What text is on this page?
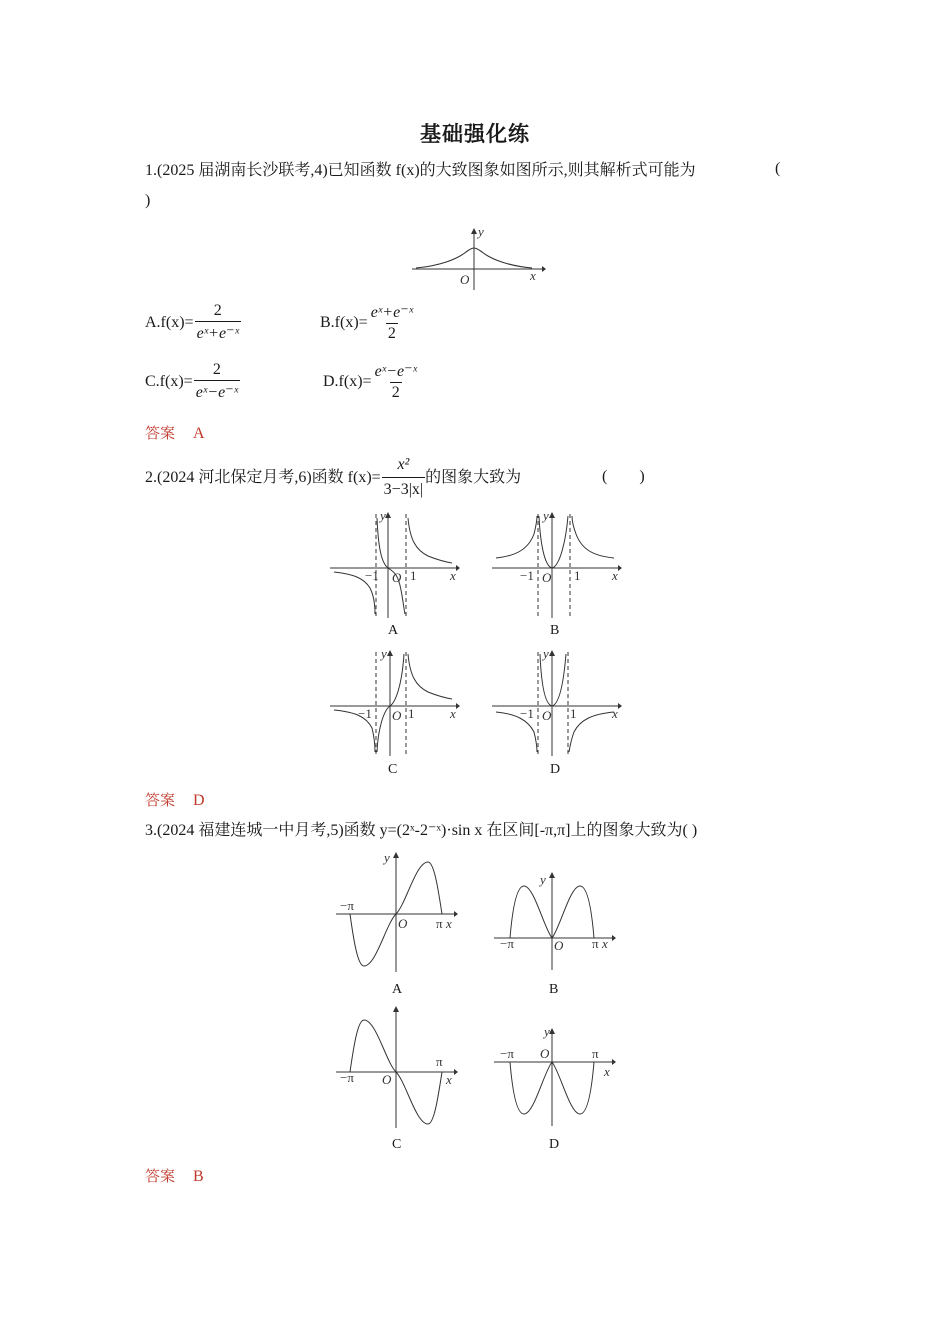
基础强化练
1.(2025 届湖南长沙联考,4)已知函数 f(x)的大致图象如图所示,则其解析式可能为	(
)
y
x
O
$A.f(x)= \frac{2}{\text{eˣ+e⁻ˣ}}$	$B.f(x)= \frac{\text{eˣ+e⁻ˣ}}{2}$
$C.f(x)= \frac{2}{\text{eˣ−e⁻ˣ}}$	$D.f(x)= \frac{\text{eˣ−e⁻ˣ}}{2}$
答案 A
2.(2024 河北保定月考,6)函数 $f(x)= \frac{\text{x²}}{3-3|x|}$ 的图象大致为	(        )
y
x
−1 O 1
A
y
x
−1 O 1
B
y
x
−1 O 1
C
y
x
−1 O 1
D
答案 D
3.(2024 福建连城一中月考,5)函数 y=(2ˣ-2⁻ˣ)·sin x 在区间[-π,π]上的图象大致为( )
y
−π
O π x
A
y
−π	O π x
B
−π O
π
x
C
y
−π O	π
x
D
答案 B
